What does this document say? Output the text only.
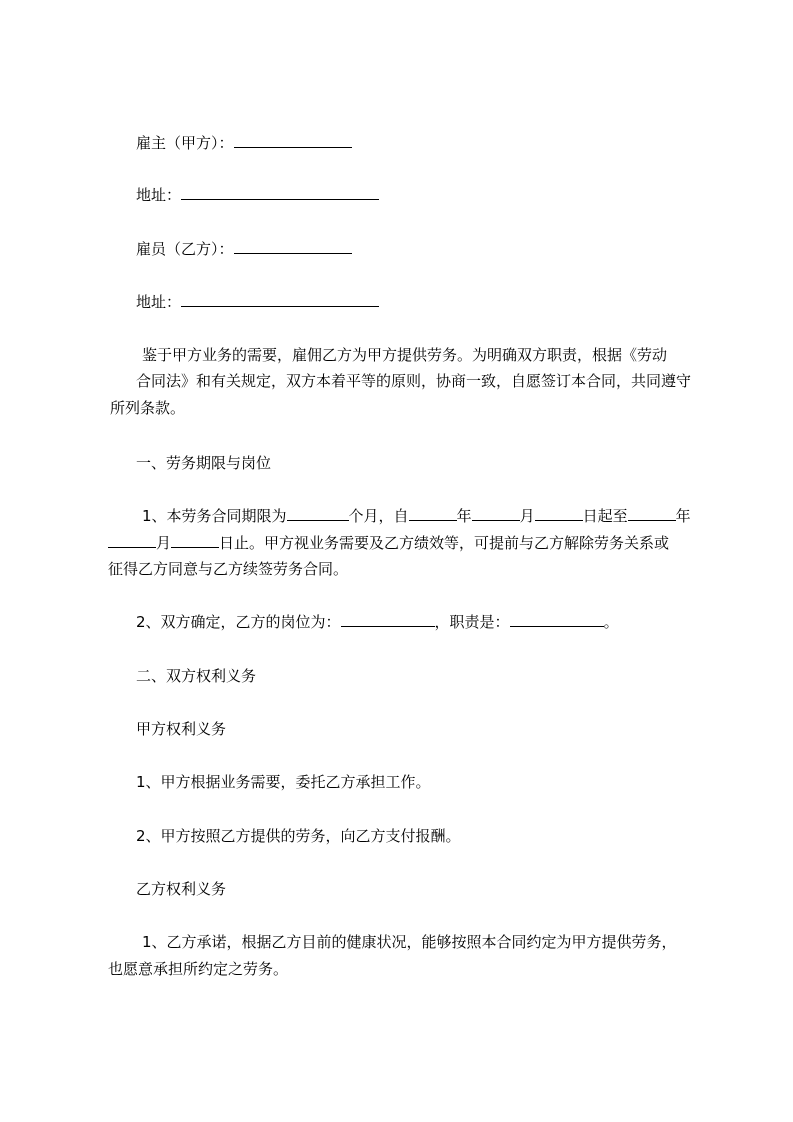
雇主（甲方）：
地址：
雇员（乙方）：
地址：
鉴于甲方业务的需要，雇佣乙方为甲方提供劳务。为明确双方职责，根据《劳动
合同法》和有关规定，双方本着平等的原则，协商一致，自愿签订本合同，共同遵守
所列条款。
一、劳务期限与岗位
1、本劳务合同期限为	个月，自	年	月	日起至	年
月	日止。甲方视业务需要及乙方绩效等，可提前与乙方解除劳务关系或
征得乙方同意与乙方续签劳务合同。
2、双方确定，乙方的岗位为：	，职责是：	。
二、双方权利义务
甲方权利义务
1、甲方根据业务需要，委托乙方承担工作。
2、甲方按照乙方提供的劳务，向乙方支付报酬。
乙方权利义务
1、乙方承诺，根据乙方目前的健康状况，能够按照本合同约定为甲方提供劳务，
也愿意承担所约定之劳务。
